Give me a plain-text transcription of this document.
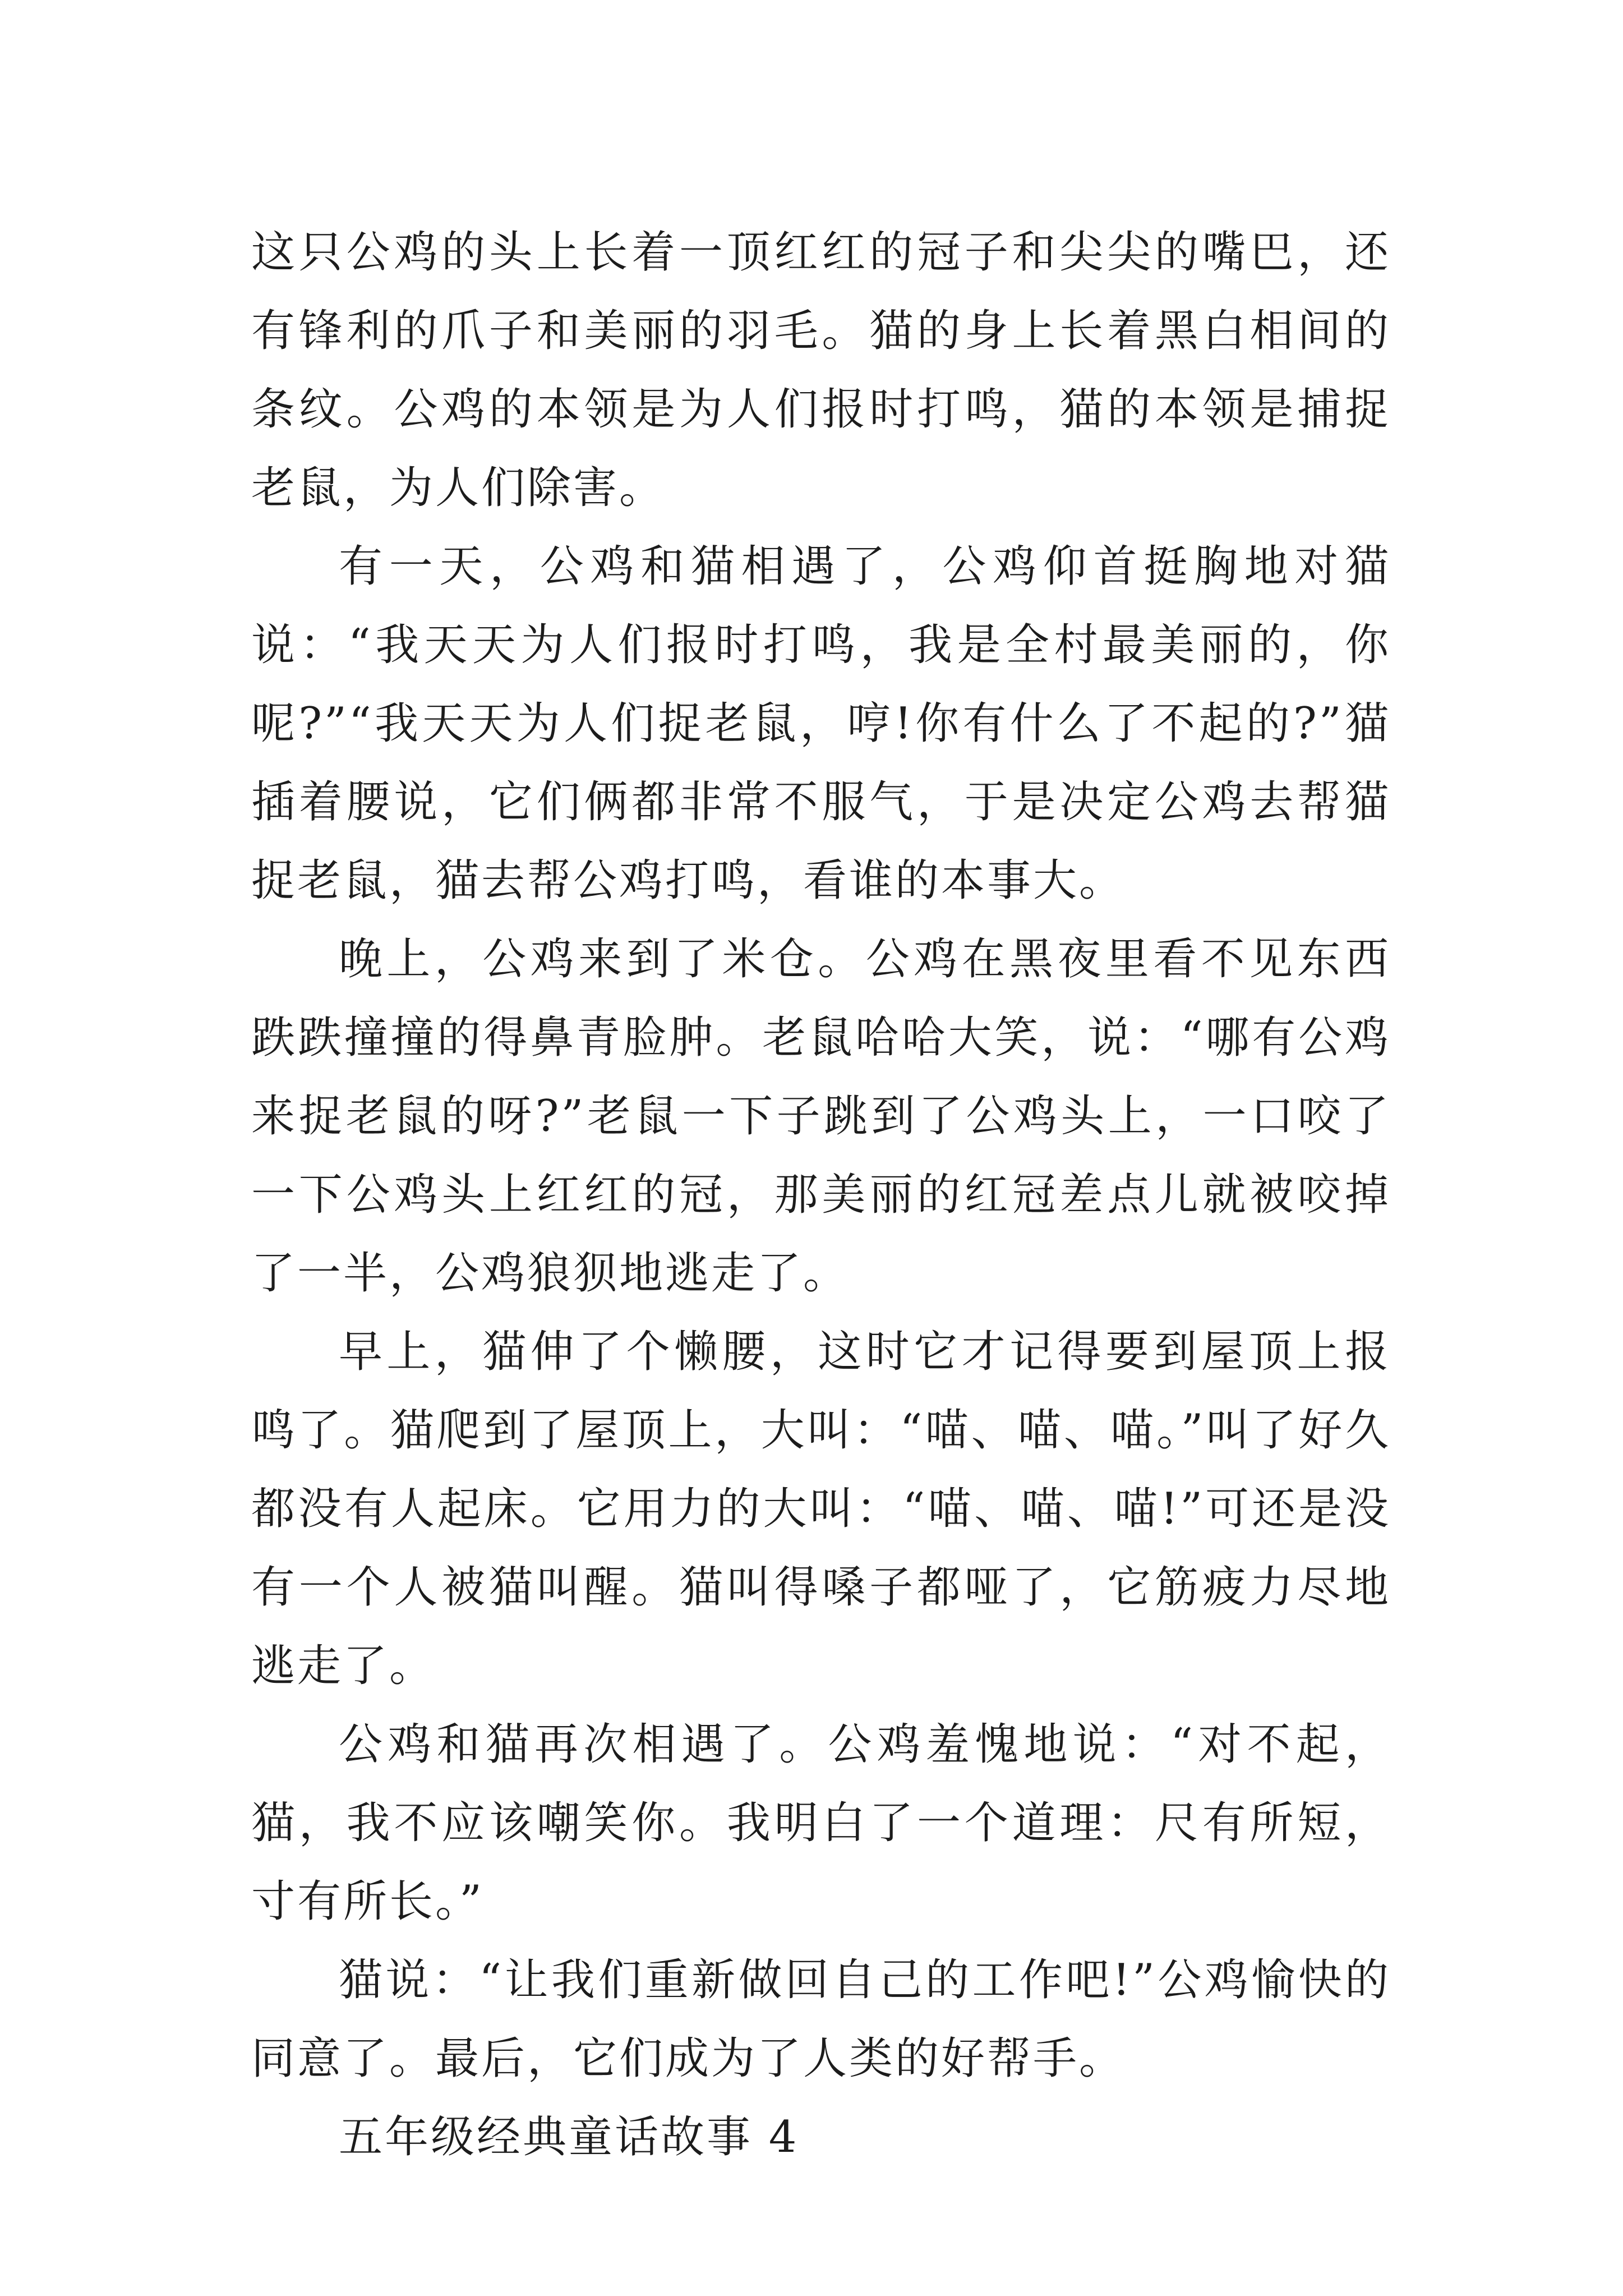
这只公鸡的头上长着一顶红红的冠子和尖尖的嘴巴，还有锋利的爪子和美丽的羽毛。猫的身上长着黑白相间的条纹。公鸡的本领是为人们报时打鸣，猫的本领是捕捉老鼠，为人们除害。

有一天，公鸡和猫相遇了，公鸡仰首挺胸地对猫说：“我天天为人们报时打鸣，我是全村最美丽的，你呢?”“我天天为人们捉老鼠，哼!你有什么了不起的?”猫插着腰说，它们俩都非常不服气，于是决定公鸡去帮猫捉老鼠，猫去帮公鸡打鸣，看谁的本事大。

晚上，公鸡来到了米仓。公鸡在黑夜里看不见东西跌跌撞撞的得鼻青脸肿。老鼠哈哈大笑，说：“哪有公鸡来捉老鼠的呀?”老鼠一下子跳到了公鸡头上，一口咬了一下公鸡头上红红的冠，那美丽的红冠差点儿就被咬掉了一半，公鸡狼狈地逃走了。

早上，猫伸了个懒腰，这时它才记得要到屋顶上报鸣了。猫爬到了屋顶上，大叫：“喵、喵、喵。”叫了好久都没有人起床。它用力的大叫：“喵、喵、喵!”可还是没有一个人被猫叫醒。猫叫得嗓子都哑了，它筋疲力尽地逃走了。

公鸡和猫再次相遇了。公鸡羞愧地说：“对不起，猫，我不应该嘲笑你。我明白了一个道理：尺有所短，寸有所长。”

猫说：“让我们重新做回自己的工作吧!”公鸡愉快的同意了。最后，它们成为了人类的好帮手。

五年级经典童话故事 4
